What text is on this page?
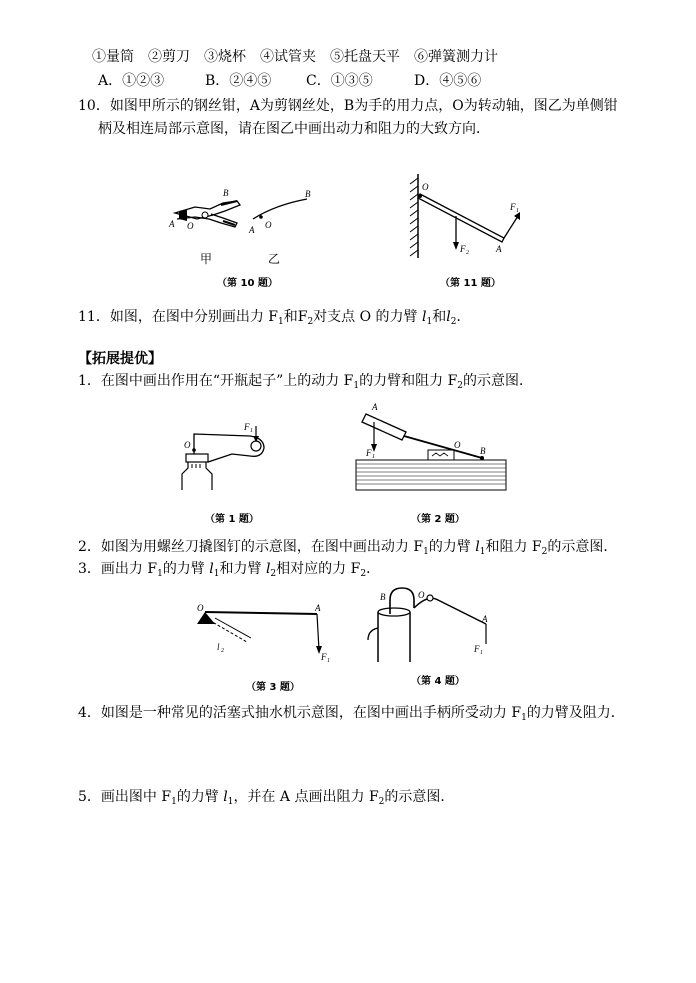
①量筒　②剪刀　③烧杯　④试管夹　⑤托盘天平　⑥弹簧测力计
A．①②③	B．②④⑤ C．①③⑤	D．④⑤⑥
10．如图甲所示的钢丝钳，A为剪钢丝处，B为手的用力点，O为转动轴，图乙为单侧钳
柄及相连局部示意图，请在图乙中画出动力和阻力的大致方向．
B
A O
B
O
A
甲	乙
（第 10 题）
O
F 2
F 1
A
（第 11 题）
11．如图，在图中分别画出力 $F_1$和$F_2$对支点 O 的力臂 $l_1$和$l_2$．
【拓展提优】
1．在图中画出作用在“开瓶起子”上的动力 $F_1$的力臂和阻力 $F_2$的示意图．
O
F 1
（第 1 题）
A
F 1
O
B
（第 2 题）
2．如图为用螺丝刀撬图钉的示意图，在图中画出动力 $F_1$的力臂 $l_1$和阻力 $F_2$的示意图．
3．画出力 $F_1$的力臂 $l_1$和力臂 $l_2$相对应的力 $F_2$．
O	A
F 1
l 2
（第 3 题）
B	O
A
F 1
（第 4 题）
4．如图是一种常见的活塞式抽水机示意图，在图中画出手柄所受动力 $F_1$的力臂及阻力．
5．画出图中 $F_1$的力臂 $l_1$，并在 A 点画出阻力 $F_2$的示意图．
